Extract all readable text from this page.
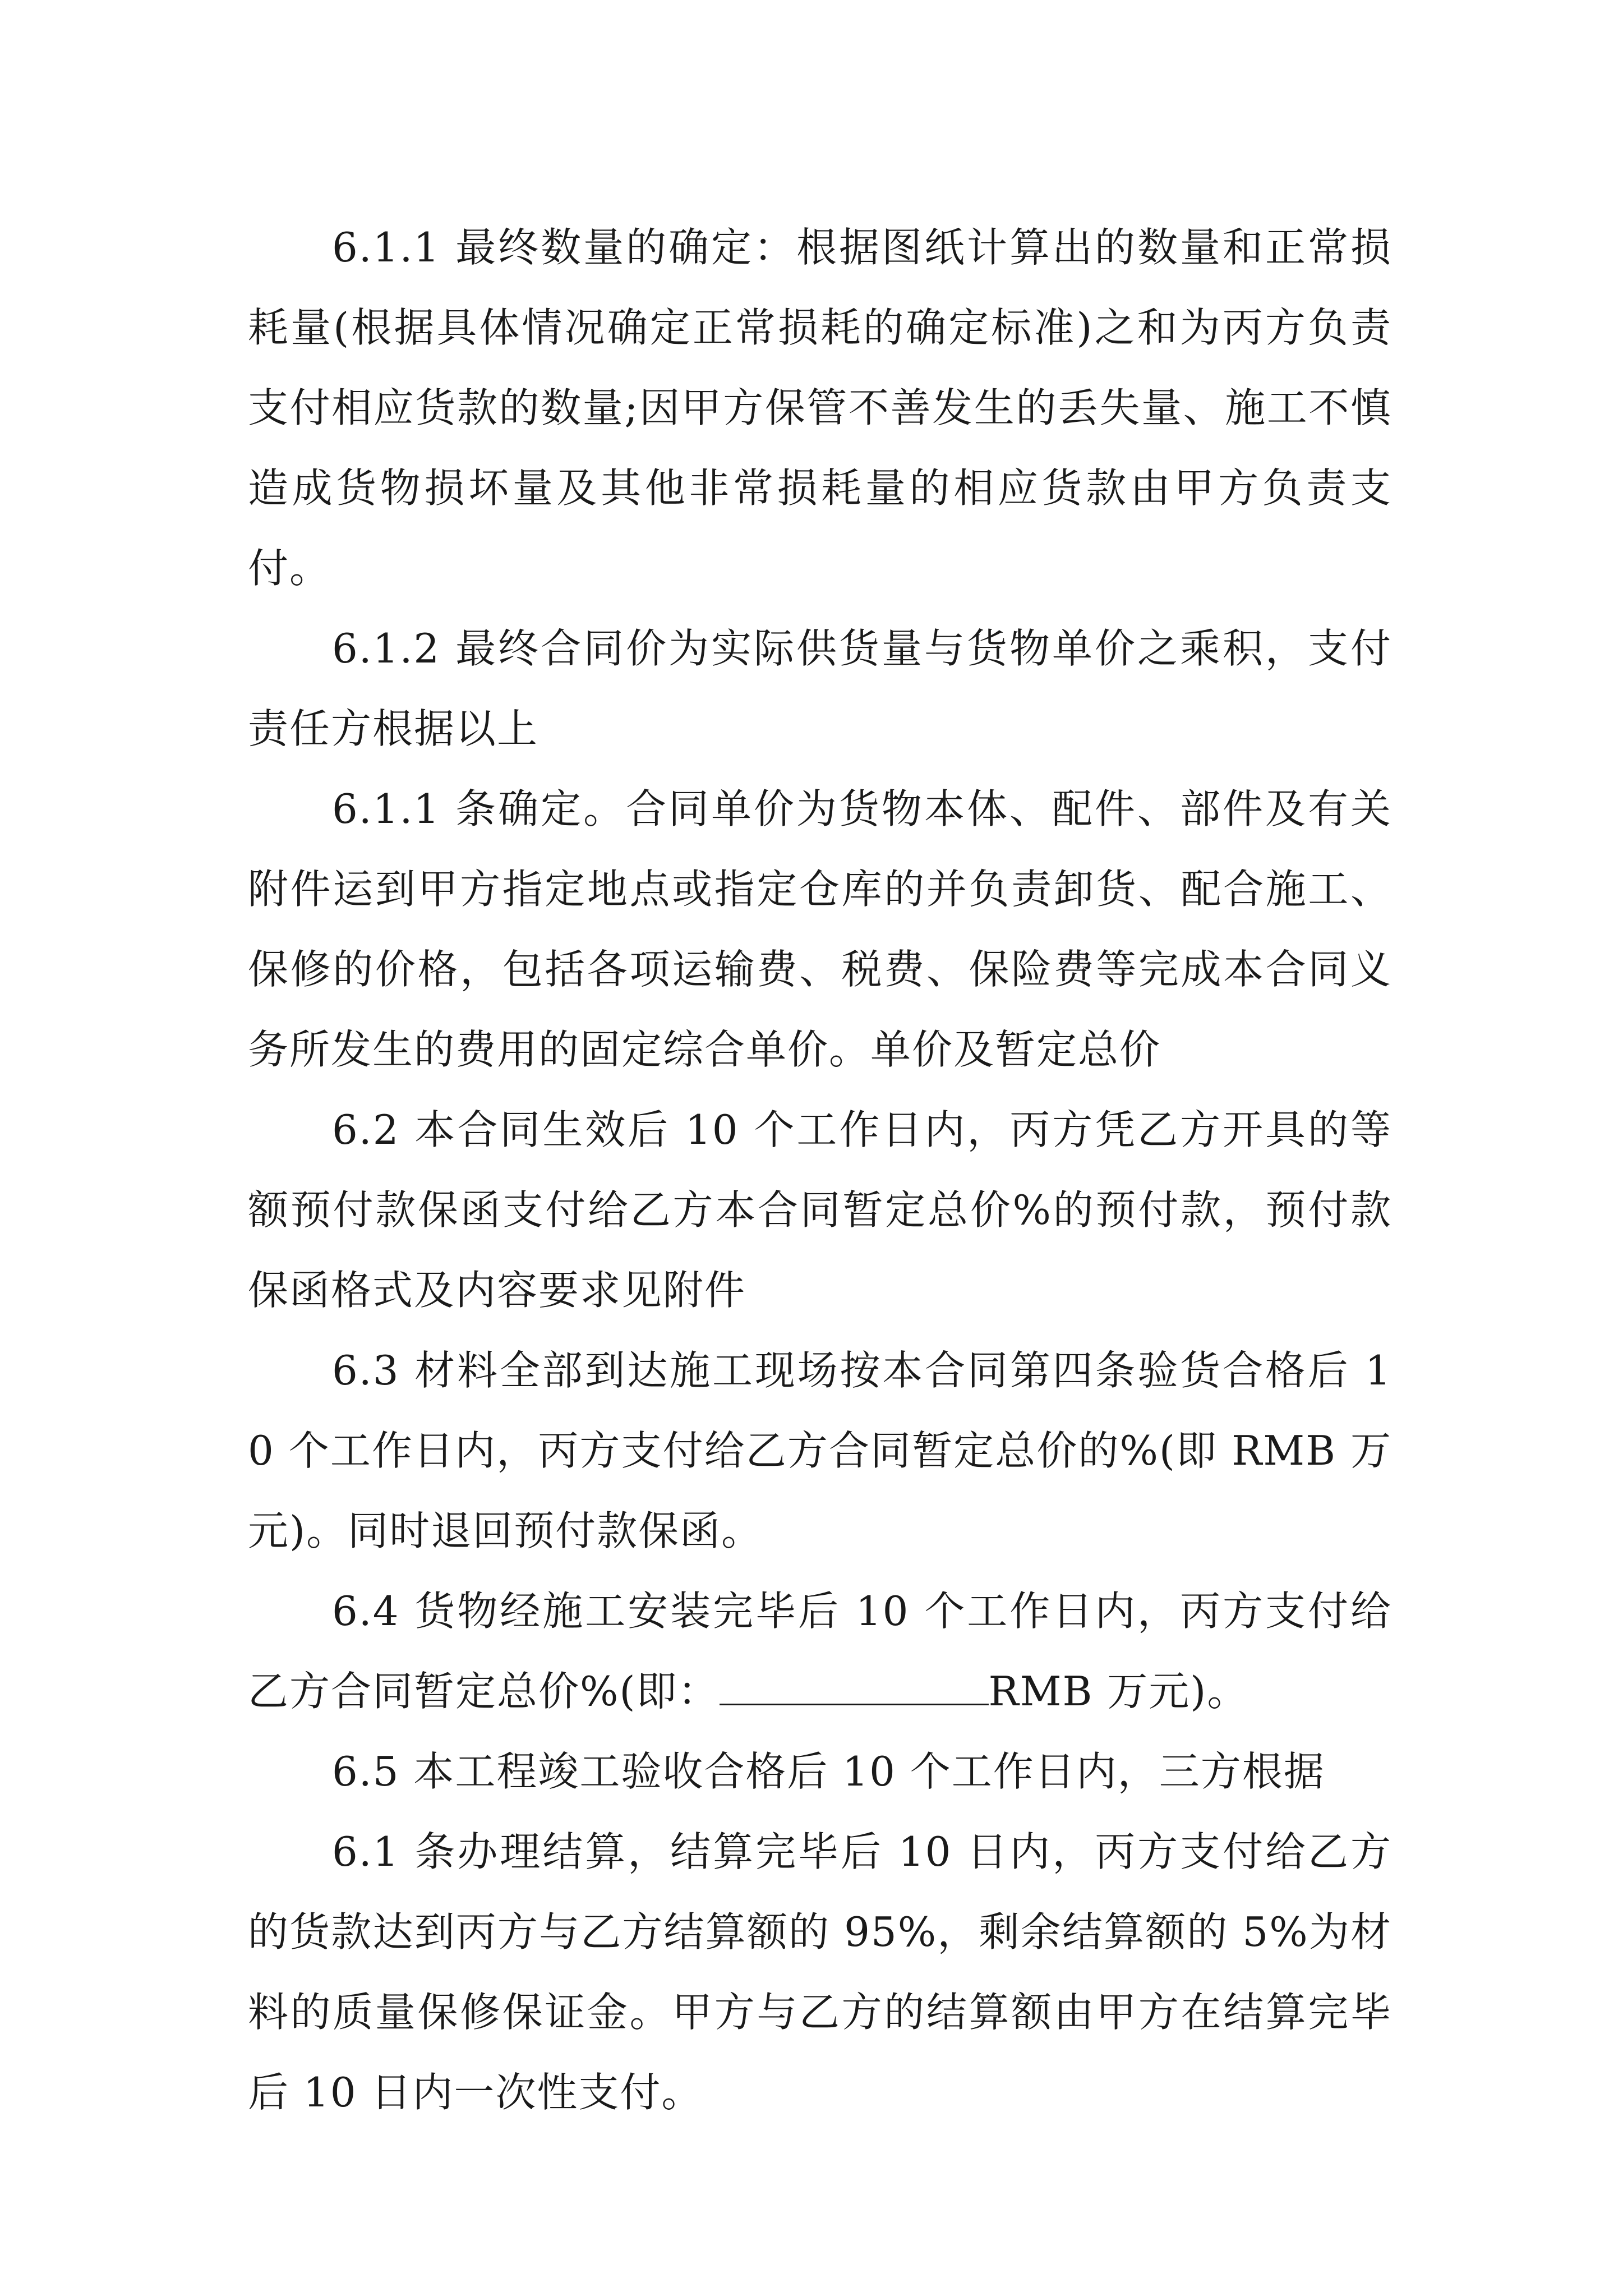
6.1.1 最终数量的确定：根据图纸计算出的数量和正常损耗量(根据具体情况确定正常损耗的确定标准)之和为丙方负责支付相应货款的数量;因甲方保管不善发生的丢失量、施工不慎造成货物损坏量及其他非常损耗量的相应货款由甲方负责支付。

6.1.2 最终合同价为实际供货量与货物单价之乘积，支付责任方根据以上

6.1.1 条确定。合同单价为货物本体、配件、部件及有关附件运到甲方指定地点或指定仓库的并负责卸货、配合施工、保修的价格，包括各项运输费、税费、保险费等完成本合同义务所发生的费用的固定综合单价。单价及暂定总价

6.2 本合同生效后 10 个工作日内，丙方凭乙方开具的等额预付款保函支付给乙方本合同暂定总价%的预付款，预付款保函格式及内容要求见附件

6.3 材料全部到达施工现场按本合同第四条验货合格后 10 个工作日内，丙方支付给乙方合同暂定总价的%(即 RMB 万元)。同时退回预付款保函。

6.4 货物经施工安装完毕后 10 个工作日内，丙方支付给乙方合同暂定总价%(即：	RMB 万元)。

6.5 本工程竣工验收合格后 10 个工作日内，三方根据

6.1 条办理结算，结算完毕后 10 日内，丙方支付给乙方的货款达到丙方与乙方结算额的 95%，剩余结算额的 5%为材料的质量保修保证金。甲方与乙方的结算额由甲方在结算完毕后 10 日内一次性支付。
